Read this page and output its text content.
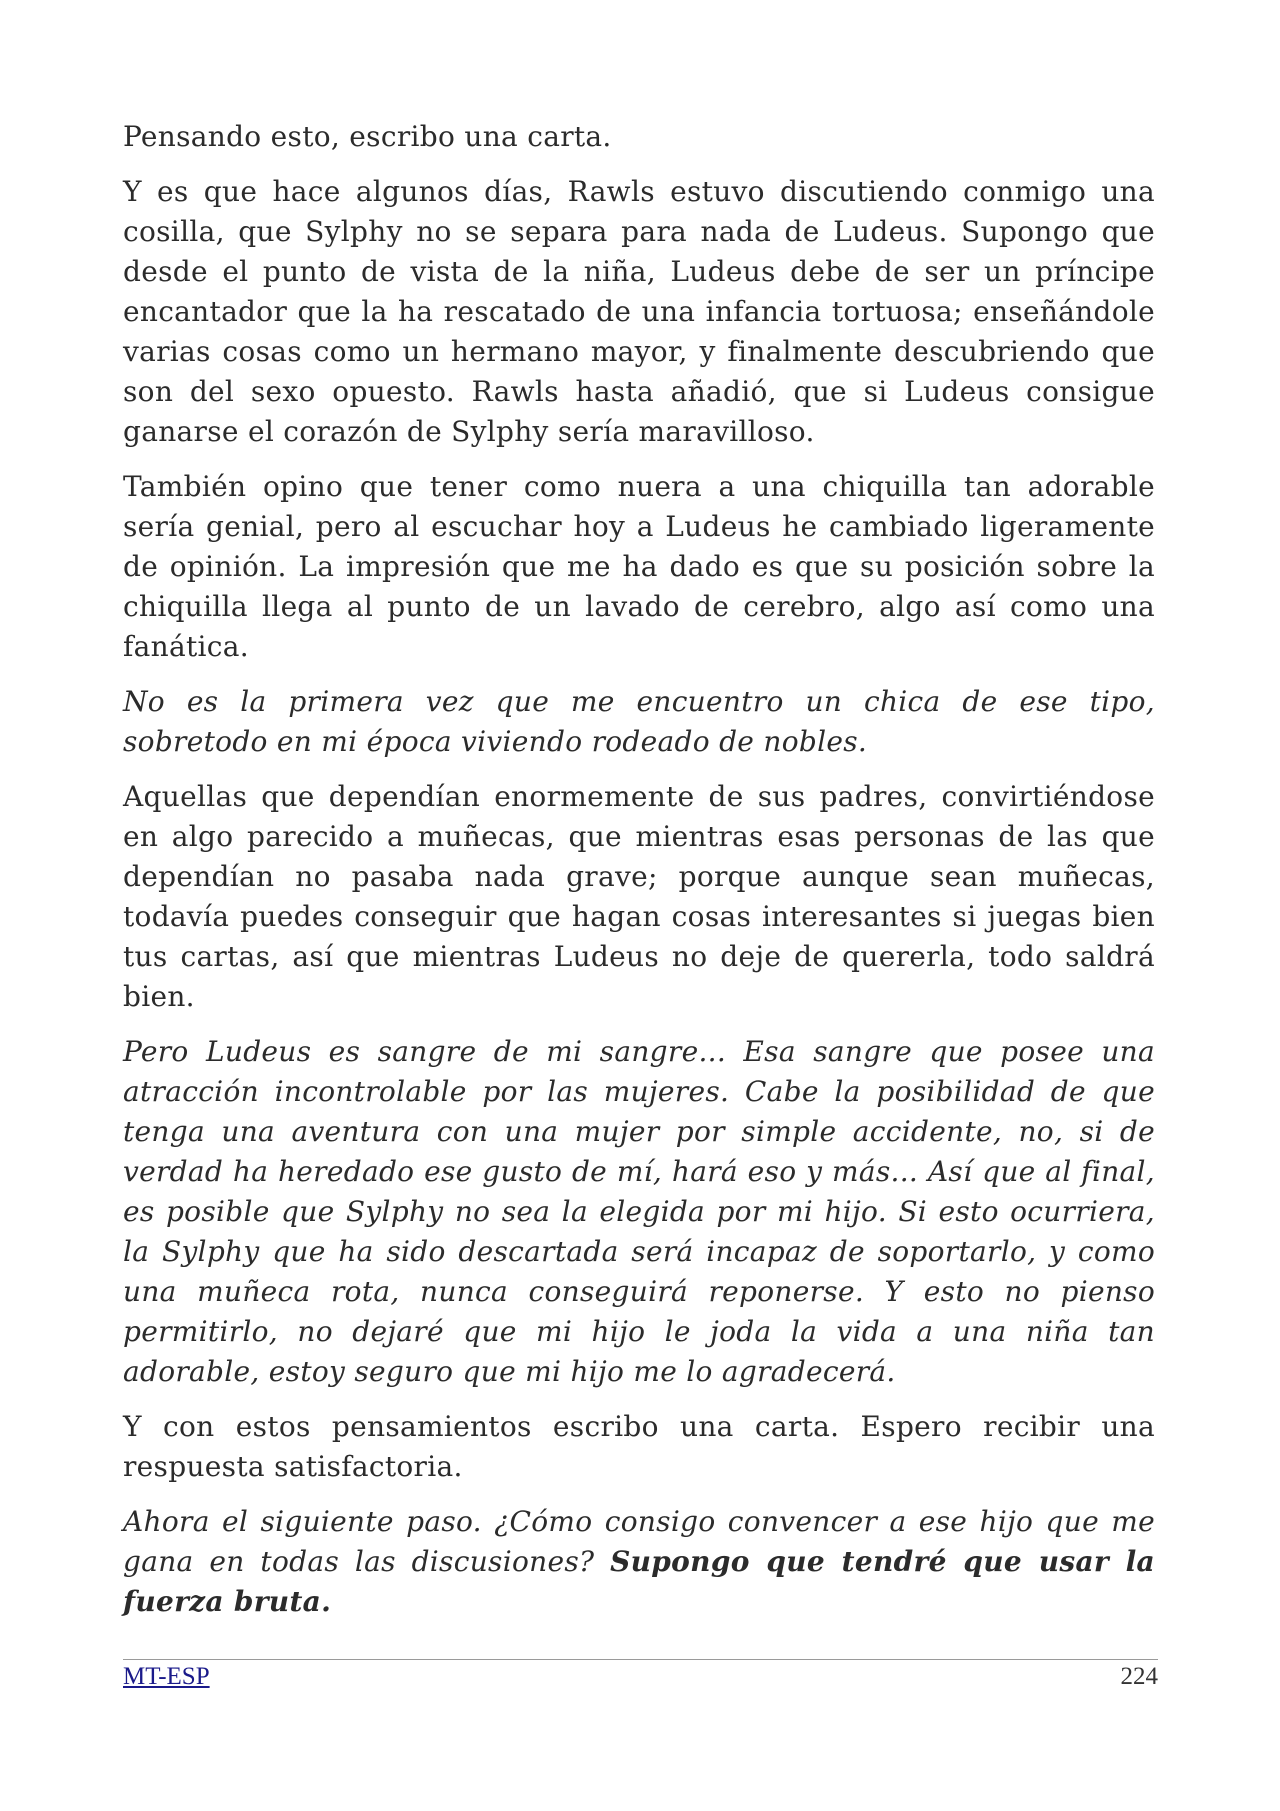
Pensando esto, escribo una carta.

Y es que hace algunos días, Rawls estuvo discutiendo conmigo una cosilla, que Sylphy no se separa para nada de Ludeus. Supongo que desde el punto de vista de la niña, Ludeus debe de ser un príncipe encantador que la ha rescatado de una infancia tortuosa; enseñándole varias cosas como un hermano mayor, y finalmente descubriendo que son del sexo opuesto. Rawls hasta añadió, que si Ludeus consigue ganarse el corazón de Sylphy sería maravilloso.

También opino que tener como nuera a una chiquilla tan adorable sería genial, pero al escuchar hoy a Ludeus he cambiado ligeramente de opinión. La impresión que me ha dado es que su posición sobre la chiquilla llega al punto de un lavado de cerebro, algo así como una fanática.

No es la primera vez que me encuentro un chica de ese tipo, sobretodo en mi época viviendo rodeado de nobles.

Aquellas que dependían enormemente de sus padres, convirtiéndose en algo parecido a muñecas, que mientras esas personas de las que dependían no pasaba nada grave; porque aunque sean muñecas, todavía puedes conseguir que hagan cosas interesantes si juegas bien tus cartas, así que mientras Ludeus no deje de quererla, todo saldrá bien.

Pero Ludeus es sangre de mi sangre... Esa sangre que posee una atracción incontrolable por las mujeres. Cabe la posibilidad de que tenga una aventura con una mujer por simple accidente, no, si de verdad ha heredado ese gusto de mí, hará eso y más... Así que al final, es posible que Sylphy no sea la elegida por mi hijo. Si esto ocurriera, la Sylphy que ha sido descartada será incapaz de soportarlo, y como una muñeca rota, nunca conseguirá reponerse. Y esto no pienso permitirlo, no dejaré que mi hijo le joda la vida a una niña tan adorable, estoy seguro que mi hijo me lo agradecerá.

Y con estos pensamientos escribo una carta. Espero recibir una respuesta satisfactoria.

Ahora el siguiente paso. ¿Cómo consigo convencer a ese hijo que me gana en todas las discusiones? Supongo que tendré que usar la fuerza bruta.

MT-ESP	224
